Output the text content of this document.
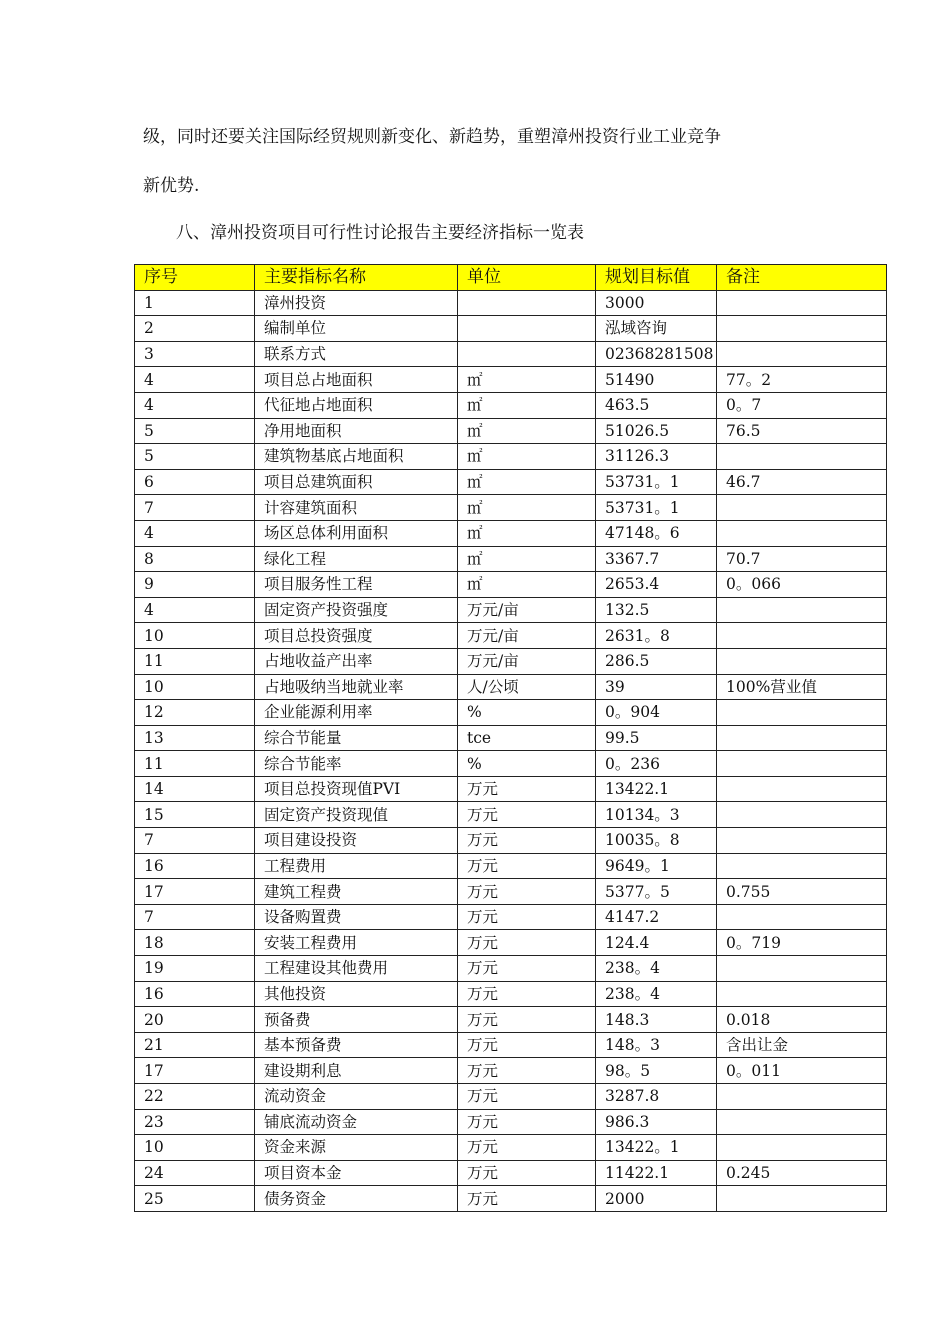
级，同时还要关注国际经贸规则新变化、新趋势，重塑漳州投资行业工业竞争
新优势.
八、漳州投资项目可行性讨论报告主要经济指标一览表
序号	主要指标名称	单位	规划目标值	备注
1	漳州投资		3000	
2	编制单位		泓域咨询	
3	联系方式		02368281508	
4	项目总占地面积	㎡	51490	77。2
4	代征地占地面积	㎡	463.5	0。7
5	净用地面积	㎡	51026.5	76.5
5	建筑物基底占地面积	㎡	31126.3	
6	项目总建筑面积	㎡	53731。1	46.7
7	计容建筑面积	㎡	53731。1	
4	场区总体利用面积	㎡	47148。6	
8	绿化工程	㎡	3367.7	70.7
9	项目服务性工程	㎡	2653.4	0。066
4	固定资产投资强度	万元/亩	132.5	
10	项目总投资强度	万元/亩	2631。8	
11	占地收益产出率	万元/亩	286.5	
10	占地吸纳当地就业率	人/公顷	39	100%营业值
12	企业能源利用率	%	0。904	
13	综合节能量	tce	99.5	
11	综合节能率	%	0。236	
14	项目总投资现值PVI	万元	13422.1	
15	固定资产投资现值	万元	10134。3	
7	项目建设投资	万元	10035。8	
16	工程费用	万元	9649。1	
17	建筑工程费	万元	5377。5	0.755
7	设备购置费	万元	4147.2	
18	安装工程费用	万元	124.4	0。719
19	工程建设其他费用	万元	238。4	
16	其他投资	万元	238。4	
20	预备费	万元	148.3	0.018
21	基本预备费	万元	148。3	含出让金
17	建设期利息	万元	98。5	0。011
22	流动资金	万元	3287.8	
23	铺底流动资金	万元	986.3	
10	资金来源	万元	13422。1	
24	项目资本金	万元	11422.1	0.245
25	债务资金	万元	2000	
